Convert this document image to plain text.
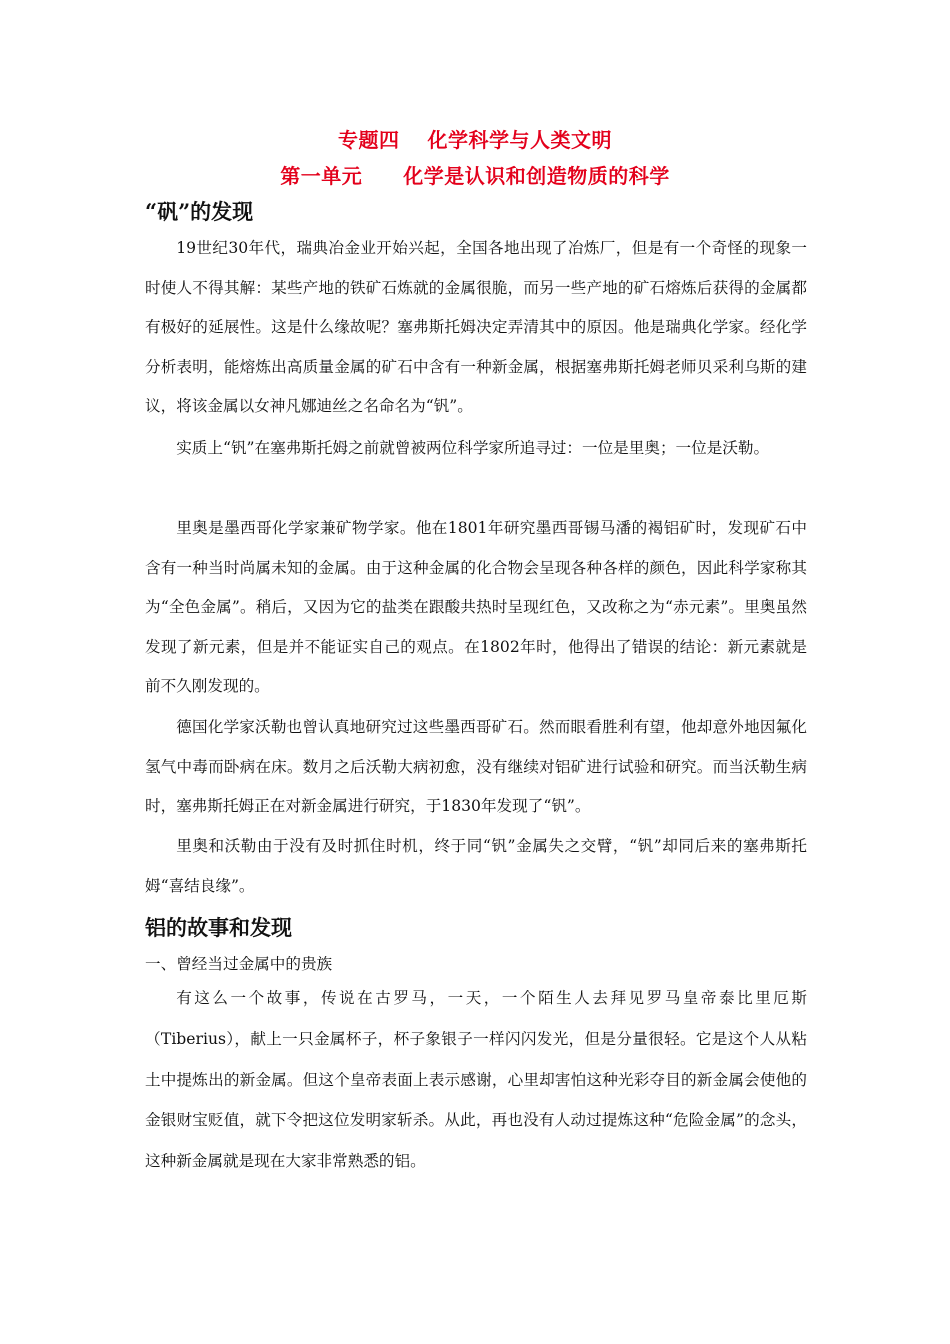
专题四　 化学科学与人类文明
第一单元　　化学是认识和创造物质的科学
“矾”的发现

19世纪30年代，瑞典冶金业开始兴起，全国各地出现了冶炼厂，但是有一个奇怪的现象一时使人不得其解：某些产地的铁矿石炼就的金属很脆，而另一些产地的矿石熔炼后获得的金属都有极好的延展性。这是什么缘故呢？塞弗斯托姆决定弄清其中的原因。他是瑞典化学家。经化学分析表明，能熔炼出高质量金属的矿石中含有一种新金属，根据塞弗斯托姆老师贝采利乌斯的建议，将该金属以女神凡娜迪丝之名命名为“钒”。

实质上“钒”在塞弗斯托姆之前就曾被两位科学家所追寻过：一位是里奥；一位是沃勒。

里奥是墨西哥化学家兼矿物学家。他在1801年研究墨西哥锡马潘的褐铝矿时，发现矿石中含有一种当时尚属未知的金属。由于这种金属的化合物会呈现各种各样的颜色，因此科学家称其为“全色金属”。稍后，又因为它的盐类在跟酸共热时呈现红色，又改称之为“赤元素”。里奥虽然发现了新元素，但是并不能证实自己的观点。在1802年时，他得出了错误的结论：新元素就是前不久刚发现的。

德国化学家沃勒也曾认真地研究过这些墨西哥矿石。然而眼看胜利有望，他却意外地因氟化氢气中毒而卧病在床。数月之后沃勒大病初愈，没有继续对铝矿进行试验和研究。而当沃勒生病时，塞弗斯托姆正在对新金属进行研究，于1830年发现了“钒”。

里奥和沃勒由于没有及时抓住时机，终于同“钒”金属失之交臂，“钒”却同后来的塞弗斯托姆“喜结良缘”。

铝的故事和发现
一、曾经当过金属中的贵族

有这么一个故事，传说在古罗马，一天，一个陌生人去拜见罗马皇帝泰比里厄斯（Tiberius），献上一只金属杯子，杯子象银子一样闪闪发光，但是分量很轻。它是这个人从粘土中提炼出的新金属。但这个皇帝表面上表示感谢，心里却害怕这种光彩夺目的新金属会使他的金银财宝贬值，就下令把这位发明家斩杀。从此，再也没有人动过提炼这种“危险金属”的念头，这种新金属就是现在大家非常熟悉的铝。
